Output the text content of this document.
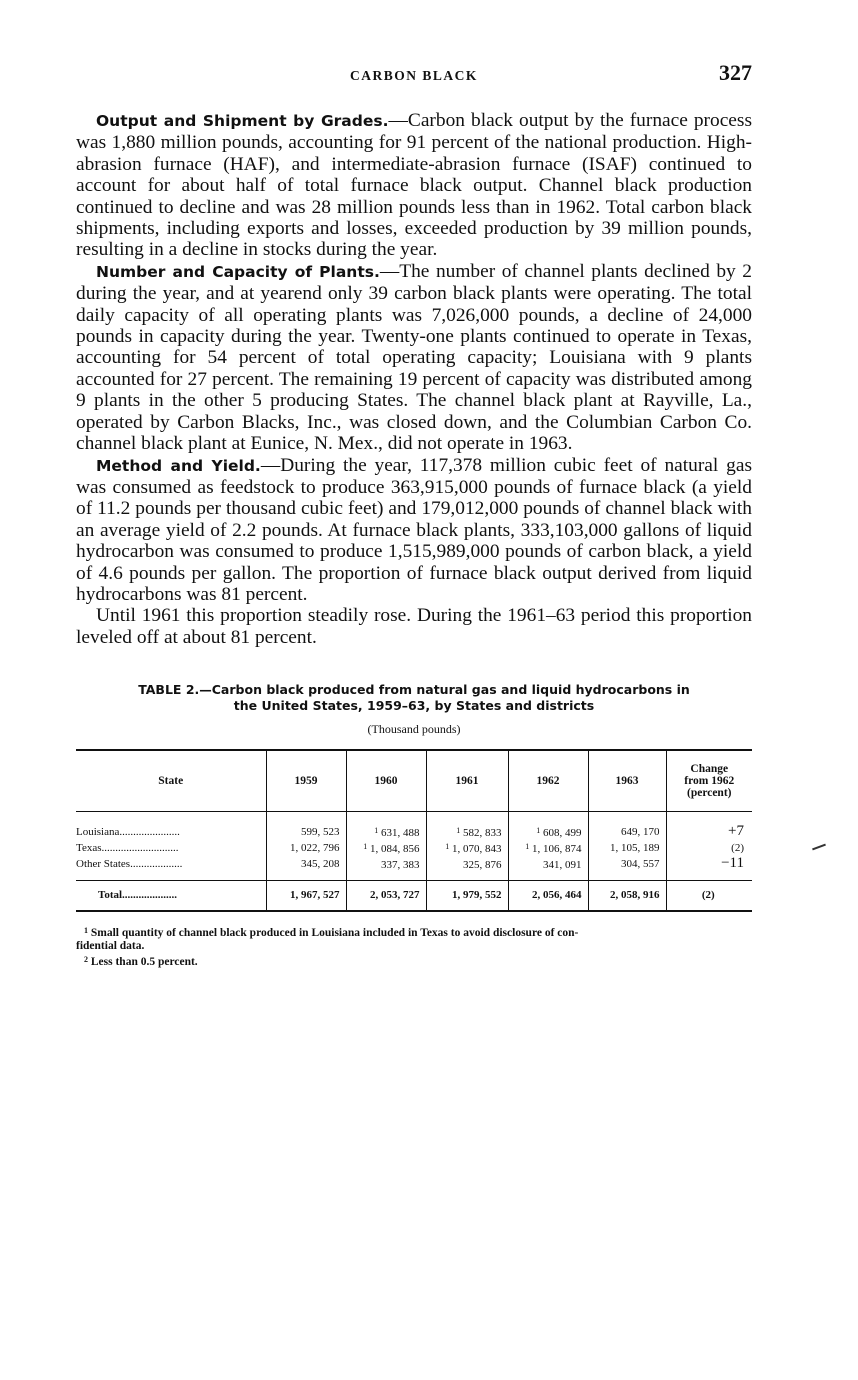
CARBON BLACK	327

Output and Shipment by Grades.—Carbon black output by the furnace process was 1,880 million pounds, accounting for 91 percent of the national production. High-abrasion furnace (HAF), and intermediate-abrasion furnace (ISAF) continued to account for about half of total furnace black output. Channel black production continued to decline and was 28 million pounds less than in 1962. Total carbon black shipments, including exports and losses, exceeded production by 39 million pounds, resulting in a decline in stocks during the year.

Number and Capacity of Plants.—The number of channel plants declined by 2 during the year, and at yearend only 39 carbon black plants were operating. The total daily capacity of all operating plants was 7,026,000 pounds, a decline of 24,000 pounds in capacity during the year. Twenty-one plants continued to operate in Texas, accounting for 54 percent of total operating capacity; Louisiana with 9 plants accounted for 27 percent. The remaining 19 percent of capacity was distributed among 9 plants in the other 5 producing States. The channel black plant at Rayville, La., operated by Carbon Blacks, Inc., was closed down, and the Columbian Carbon Co. channel black plant at Eunice, N. Mex., did not operate in 1963.

Method and Yield.—During the year, 117,378 million cubic feet of natural gas was consumed as feedstock to produce 363,915,000 pounds of furnace black (a yield of 11.2 pounds per thousand cubic feet) and 179,012,000 pounds of channel black with an average yield of 2.2 pounds. At furnace black plants, 333,103,000 gallons of liquid hydrocarbon was consumed to produce 1,515,989,000 pounds of carbon black, a yield of 4.6 pounds per gallon. The proportion of furnace black output derived from liquid hydrocarbons was 81 percent.

Until 1961 this proportion steadily rose. During the 1961–63 period this proportion leveled off at about 81 percent.

TABLE 2.—Carbon black produced from natural gas and liquid hydrocarbons in
the United States, 1959–63, by States and districts
(Thousand pounds)
State	1959	1960	1961	1962	1963	Change
from 1962
(percent)

Louisiana......................	599, 523	$^1$ 631, 488	$^1$ 582, 833	$^1$ 608, 499	649, 170	+7
Texas............................	1, 022, 796	$^1$ 1, 084, 856	$^1$ 1, 070, 843	$^1$ 1, 106, 874	1, 105, 189	(2)
Other States...................	345, 208	337, 383	325, 876	341, 091	304, 557	−11
Total....................	1, 967, 527	2, 053, 727	1, 979, 552	2, 056, 464	2, 058, 916	(2)

$^1$ Small quantity of channel black produced in Louisiana included in Texas to avoid disclosure of con-

fidential data.

$^2$ Less than 0.5 percent.
